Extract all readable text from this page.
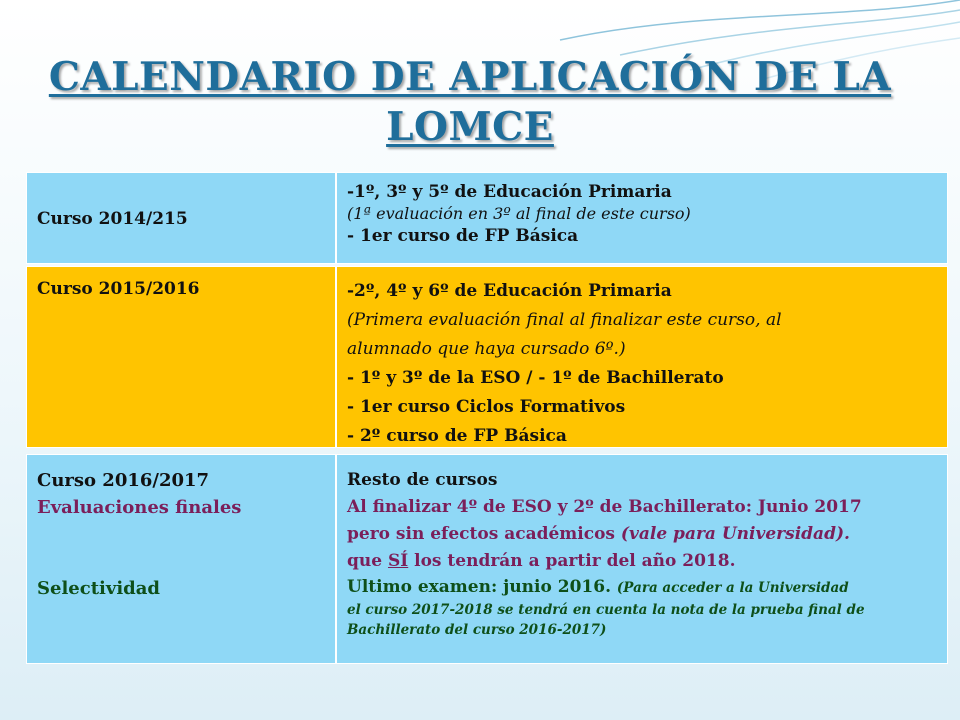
CALENDARIO DE APLICACIÓN DE LA
LOMCE
Curso 2014/215
-1º, 3º y 5º de Educación Primaria
(1ª evaluación en 3º al final de este curso)
- 1er curso de FP Básica
Curso 2015/2016	-2º, 4º y 6º de Educación Primaria
(Primera evaluación final al finalizar este curso, al
alumnado que haya cursado 6º.)
- 1º y 3º de la ESO / - 1º de Bachillerato
- 1er curso Ciclos Formativos
- 2º curso de FP Básica
Curso 2016/2017
Evaluaciones finales
Selectividad
Resto de cursos
Al finalizar 4º de ESO y 2º de Bachillerato: Junio 2017
pero sin efectos académicos (vale para Universidad).
que SÍ los tendrán a partir del año 2018.
Ultimo examen: junio 2016. (Para acceder a la Universidad
el curso 2017-2018 se tendrá en cuenta la nota de la prueba final de
Bachillerato del curso 2016-2017)
